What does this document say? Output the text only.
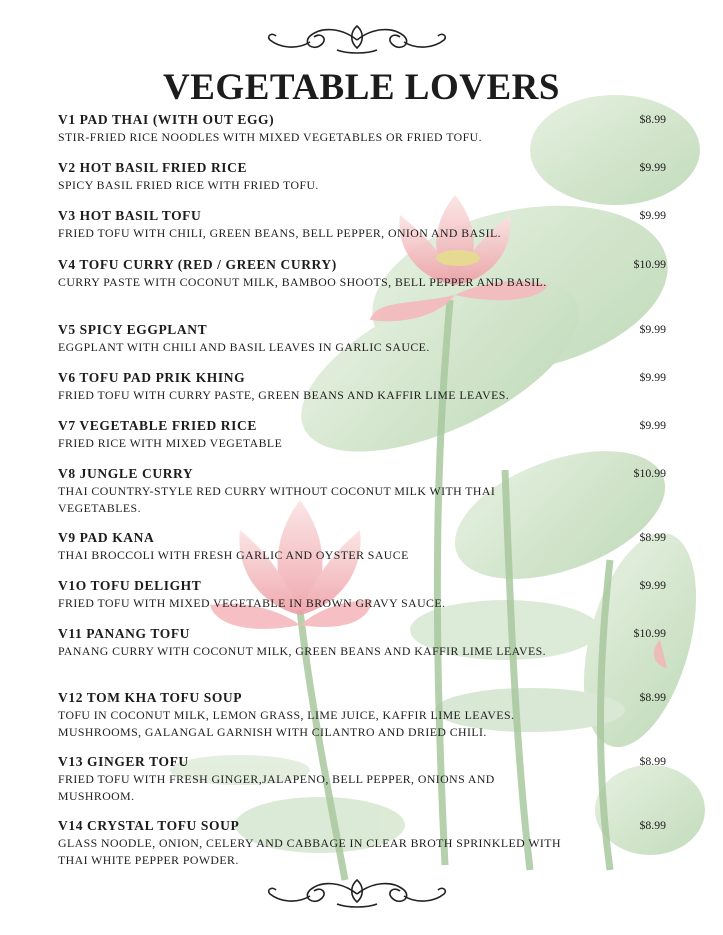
VEGETABLE LOVERS
V1 PAD THAI (WITH OUT EGG)
STIR-FRIED RICE NOODLES WITH MIXED VEGETABLES OR FRIED TOFU.
$8.99
V2 HOT BASIL FRIED RICE
SPICY BASIL FRIED RICE WITH FRIED TOFU.
$9.99
V3 HOT BASIL TOFU
FRIED TOFU WITH CHILI, GREEN BEANS, BELL PEPPER, ONION AND BASIL.
$9.99
V4 TOFU CURRY (RED / GREEN CURRY)
CURRY PASTE WITH COCONUT MILK, BAMBOO SHOOTS, BELL PEPPER AND BASIL.
$10.99
V5 SPICY EGGPLANT
EGGPLANT WITH CHILI AND BASIL LEAVES IN GARLIC SAUCE.
$9.99
V6 TOFU PAD PRIK KHING
FRIED TOFU WITH CURRY PASTE, GREEN BEANS AND KAFFIR LIME LEAVES.
$9.99
V7 VEGETABLE FRIED RICE
FRIED RICE WITH MIXED VEGETABLE
$9.99
V8 JUNGLE CURRY
THAI COUNTRY-STYLE RED CURRY WITHOUT COCONUT MILK WITH THAI VEGETABLES.
$10.99
V9 PAD KANA
THAI BROCCOLI WITH FRESH GARLIC AND OYSTER SAUCE
$8.99
V1O TOFU DELIGHT
FRIED TOFU WITH MIXED VEGETABLE IN BROWN GRAVY SAUCE.
$9.99
V11 PANANG TOFU
PANANG CURRY WITH COCONUT MILK, GREEN BEANS AND KAFFIR LIME LEAVES.
$10.99
V12 TOM KHA TOFU SOUP
TOFU IN COCONUT MILK, LEMON GRASS, LIME JUICE, KAFFIR LIME LEAVES. MUSHROOMS, GALANGAL GARNISH WITH CILANTRO AND DRIED CHILI.
$8.99
V13 GINGER TOFU
FRIED TOFU WITH FRESH GINGER,JALAPENO, BELL PEPPER, ONIONS AND MUSHROOM.
$8.99
V14 CRYSTAL TOFU SOUP
GLASS NOODLE, ONION, CELERY AND CABBAGE IN CLEAR BROTH SPRINKLED WITH THAI WHITE PEPPER POWDER.
$8.99
